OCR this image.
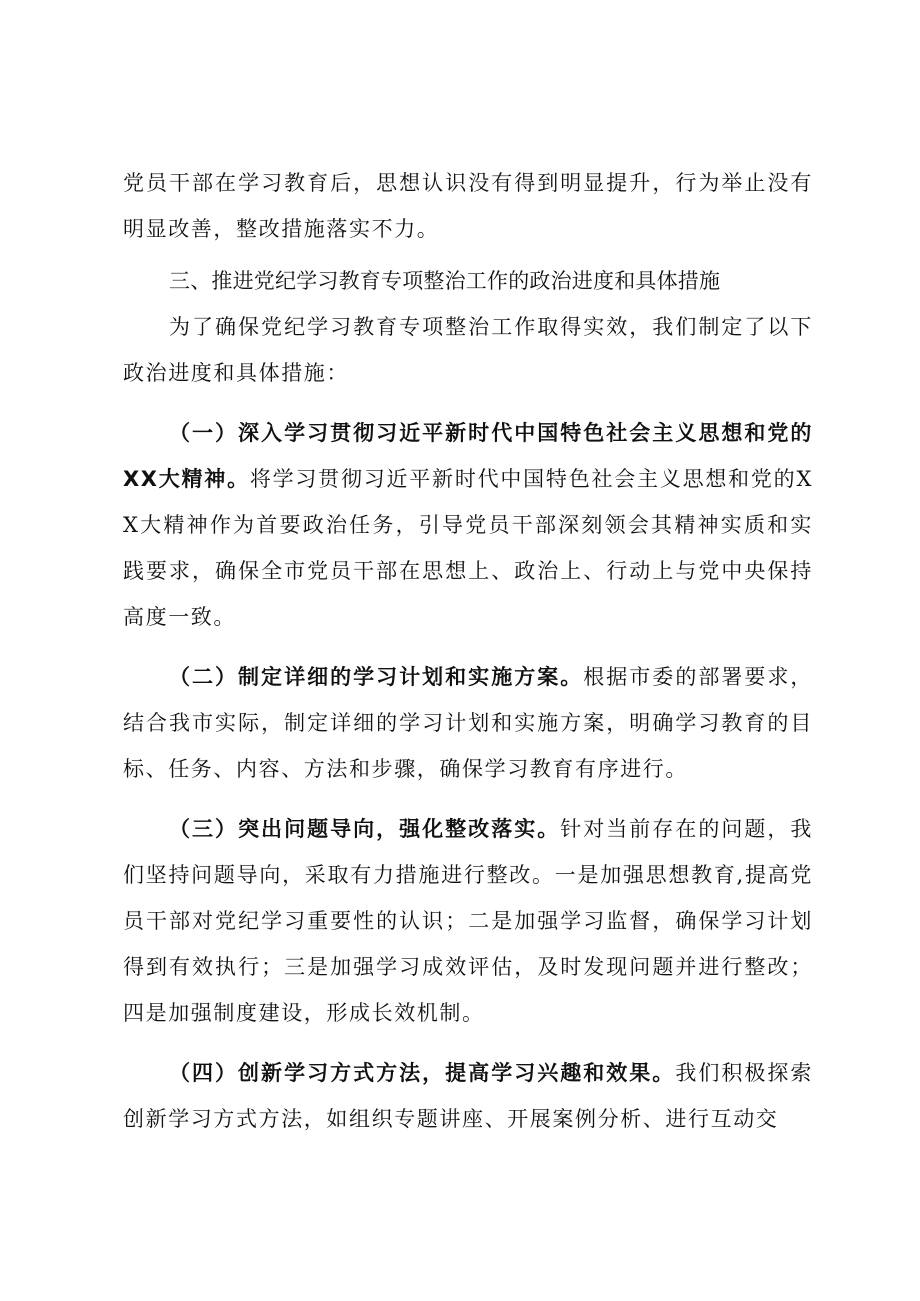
党员干部在学习教育后，思想认识没有得到明显提升，行为举止没有明显改善，整改措施落实不力。

三、推进党纪学习教育专项整治工作的政治进度和具体措施

为了确保党纪学习教育专项整治工作取得实效，我们制定了以下政治进度和具体措施：

（一）深入学习贯彻习近平新时代中国特色社会主义思想和党的XX大精神。将学习贯彻习近平新时代中国特色社会主义思想和党的XX大精神作为首要政治任务，引导党员干部深刻领会其精神实质和实践要求，确保全市党员干部在思想上、政治上、行动上与党中央保持高度一致。

（二）制定详细的学习计划和实施方案。根据市委的部署要求，结合我市实际，制定详细的学习计划和实施方案，明确学习教育的目标、任务、内容、方法和步骤，确保学习教育有序进行。

（三）突出问题导向，强化整改落实。针对当前存在的问题，我们坚持问题导向，采取有力措施进行整改。一是加强思想教育,提高党员干部对党纪学习重要性的认识；二是加强学习监督，确保学习计划得到有效执行；三是加强学习成效评估，及时发现问题并进行整改；四是加强制度建设，形成长效机制。

（四）创新学习方式方法，提高学习兴趣和效果。我们积极探索创新学习方式方法，如组织专题讲座、开展案例分析、进行互动交
